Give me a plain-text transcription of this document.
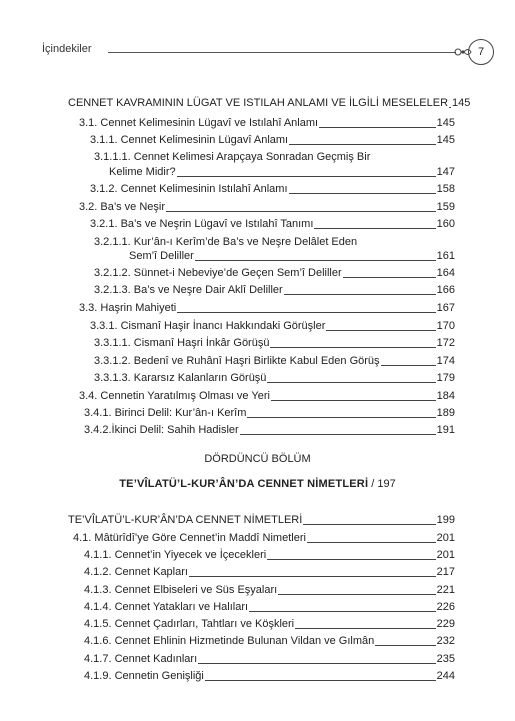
İçindekiler	7
CENNET KAVRAMININ LÜGAT VE ISTILAH ANLAMI VE İLGİLİ MESELELER 145
3.1. Cennet Kelimesinin Lügavî ve Istılahî Anlamı	145
3.1.1. Cennet Kelimesinin Lügavî Anlamı	145
3.1.1.1. Cennet Kelimesi Arapçaya Sonradan Geçmiş Bir
Kelime Midir?	147
3.1.2. Cennet Kelimesinin Istılahî Anlamı	158
3.2. Ba’s ve Neşir	159
3.2.1. Ba’s ve Neşrin Lügavî ve Istılahî Tanımı	160
3.2.1.1. Kur’ân-ı Kerîm’de Ba’s ve Neşre Delâlet Eden
Sem’î Deliller	161
3.2.1.2. Sünnet-i Nebeviye’de Geçen Sem’î Deliller	164
3.2.1.3. Ba’s ve Neşre Dair Aklî Deliller	166
3.3. Haşrin Mahiyeti	167
3.3.1. Cismanî Haşir İnancı Hakkındaki Görüşler	170
3.3.1.1. Cismanî Haşri İnkâr Görüşü	172
3.3.1.2. Bedenî ve Ruhânî Haşri Birlikte Kabul Eden Görüş	174
3.3.1.3. Kararsız Kalanların Görüşü	179
3.4. Cennetin Yaratılmış Olması ve Yeri	184
3.4.1. Birinci Delil: Kur’ân-ı Kerîm	189
3.4.2.İkinci Delil: Sahih Hadisler	191
DÖRDÜNCÜ BÖLÜM
TE’VÎLATÜ’L-KUR’ÂN’DA CENNET NİMETLERİ / 197
TE’VÎLATÜ’L-KUR’ÂN’DA CENNET NİMETLERİ	199
4.1. Mâtürîdî’ye Göre Cennet’in Maddî Nimetleri	201
4.1.1. Cennet’in Yiyecek ve İçecekleri	201
4.1.2. Cennet Kapları	217
4.1.3. Cennet Elbiseleri ve Süs Eşyaları	221
4.1.4. Cennet Yatakları ve Halıları	226
4.1.5. Cennet Çadırları, Tahtları ve Köşkleri	229
4.1.6. Cennet Ehlinin Hizmetinde Bulunan Vildan ve Gılmân	232
4.1.7. Cennet Kadınları	235
4.1.9. Cennetin Genişliği	244
